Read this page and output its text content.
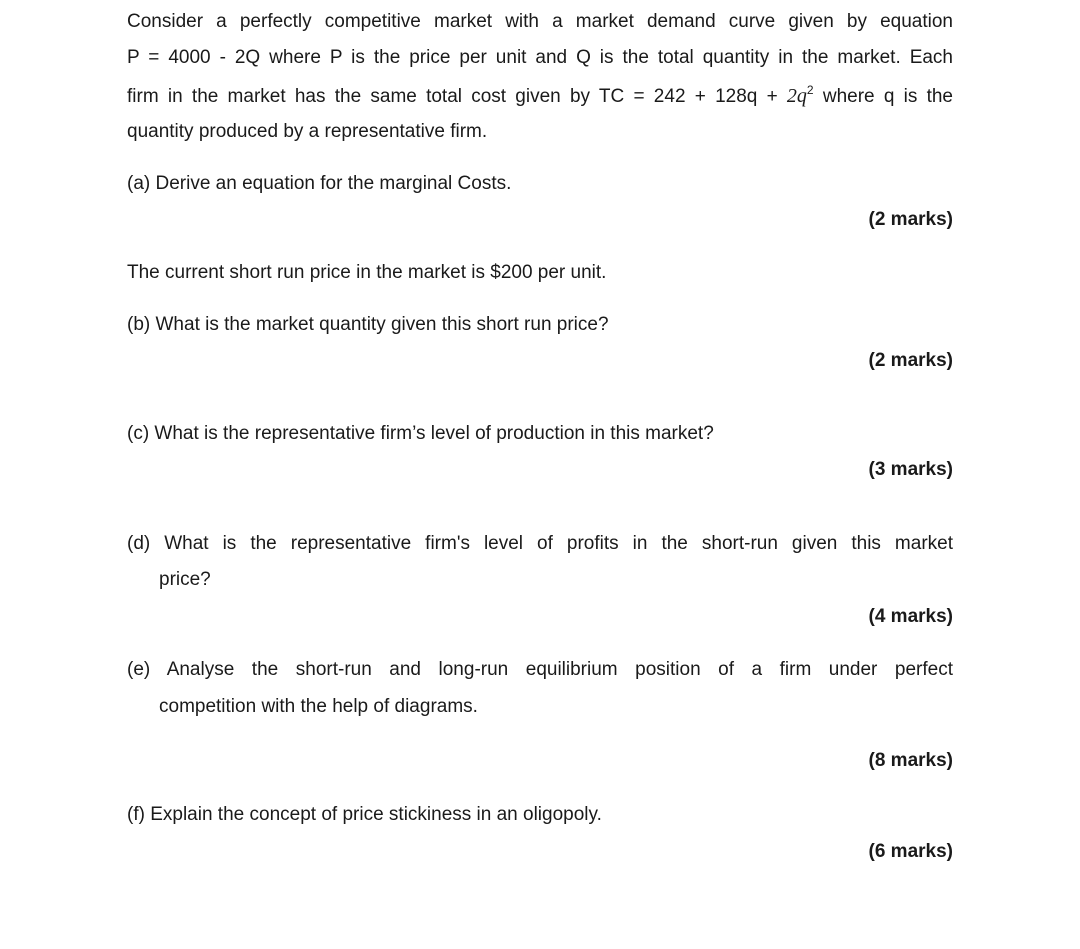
Consider a perfectly competitive market with a market demand curve given by equation
P = 4000 - 2Q where P is the price per unit and Q is the total quantity in the market. Each
firm in the market has the same total cost given by TC = $242 + 128q + 2q^2$ where q is the
quantity produced by a representative firm.
(a) Derive an equation for the marginal Costs.
(2 marks)
The current short run price in the market is $200 per unit.
(b) What is the market quantity given this short run price?
(2 marks)
(c) What is the representative firm’s level of production in this market?
(3 marks)
(d) What is the representative firm's level of profits in the short-run given this market
price?
(4 marks)
(e) Analyse the short-run and long-run equilibrium position of a firm under perfect
competition with the help of diagrams.
(8 marks)
(f) Explain the concept of price stickiness in an oligopoly.
(6 marks)
